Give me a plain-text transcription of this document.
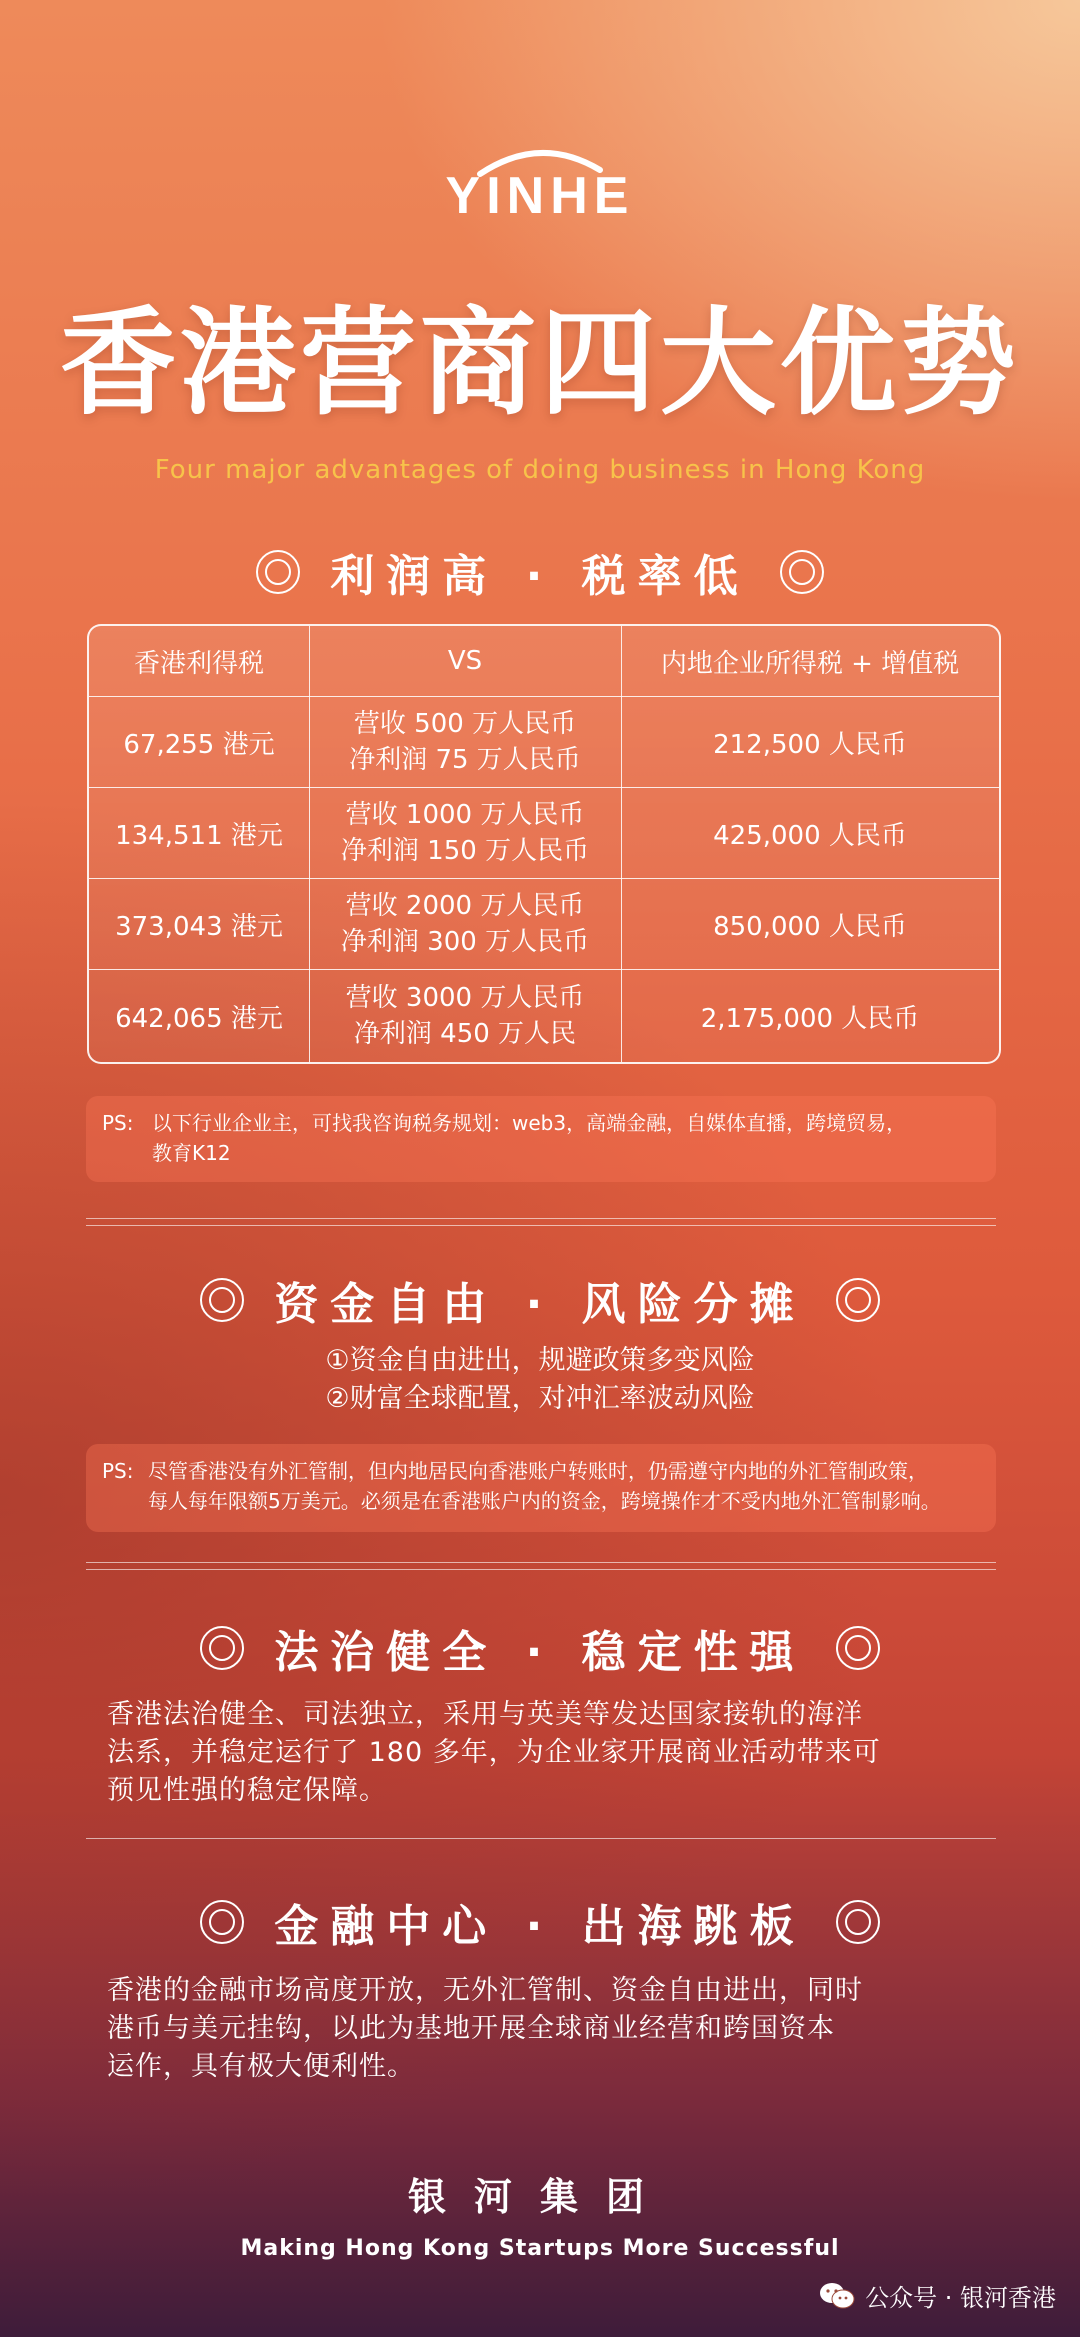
YINHE
香港营商四大优势
Four major advantages of doing business in Hong Kong
利润高 · 税率低
香港利得税	VS	内地企业所得税 + 增值税
67,255 港元
营收 500 万人民币
净利润 75 万人民币
212,500 人民币
134,511 港元
营收 1000 万人民币
净利润 150 万人民币
425,000 人民币
373,043 港元
营收 2000 万人民币
净利润 300 万人民币
850,000 人民币
642,065 港元
营收 3000 万人民币
净利润 450 万人民
2,175,000 人民币
PS: 以下行业企业主，可找我咨询税务规划：web3，高端金融，自媒体直播，跨境贸易，
教育K12
资金自由 · 风险分摊
①资金自由进出，规避政策多变风险
②财富全球配置，对冲汇率波动风险
PS: 尽管香港没有外汇管制，但内地居民向香港账户转账时，仍需遵守内地的外汇管制政策，
每人每年限额5万美元。必须是在香港账户内的资金，跨境操作才不受内地外汇管制影响。
法治健全 · 稳定性强
香港法治健全、司法独立，采用与英美等发达国家接轨的海洋
法系，并稳定运行了 180 多年，为企业家开展商业活动带来可
预见性强的稳定保障。
金融中心 · 出海跳板
香港的金融市场高度开放，无外汇管制、资金自由进出，同时
港币与美元挂钩，以此为基地开展全球商业经营和跨国资本
运作，具有极大便利性。
银河集团
Making Hong Kong Startups More Successful
公众号 · 银河香港
